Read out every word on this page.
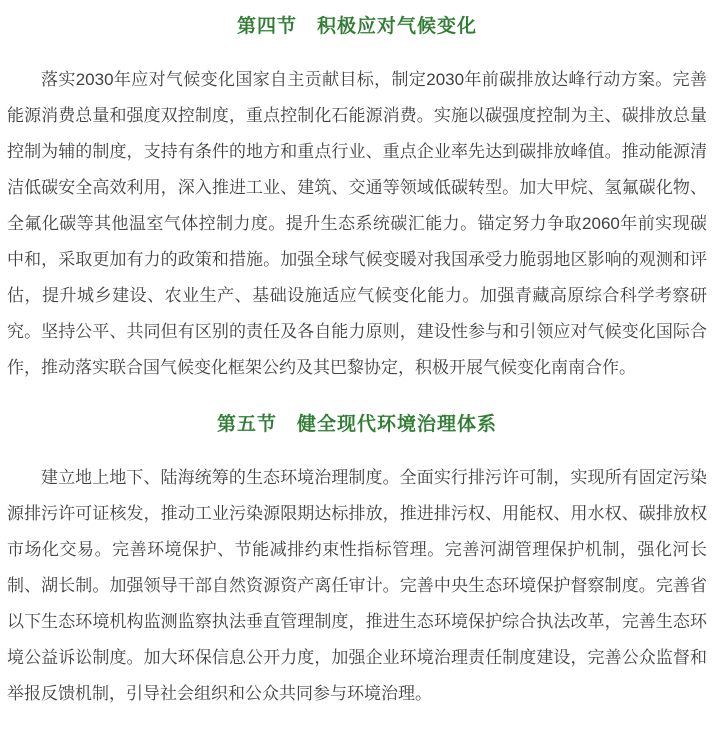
第四节　积极应对气候变化

落实2030年应对气候变化国家自主贡献目标，制定2030年前碳排放达峰行动方案。完善能源消费总量和强度双控制度，重点控制化石能源消费。实施以碳强度控制为主、碳排放总量控制为辅的制度，支持有条件的地方和重点行业、重点企业率先达到碳排放峰值。推动能源清洁低碳安全高效利用，深入推进工业、建筑、交通等领域低碳转型。加大甲烷、氢氟碳化物、全氟化碳等其他温室气体控制力度。提升生态系统碳汇能力。锚定努力争取2060年前实现碳中和，采取更加有力的政策和措施。加强全球气候变暖对我国承受力脆弱地区影响的观测和评估，提升城乡建设、农业生产、基础设施适应气候变化能力。加强青藏高原综合科学考察研究。坚持公平、共同但有区别的责任及各自能力原则，建设性参与和引领应对气候变化国际合作，推动落实联合国气候变化框架公约及其巴黎协定，积极开展气候变化南南合作。

第五节　健全现代环境治理体系

建立地上地下、陆海统筹的生态环境治理制度。全面实行排污许可制，实现所有固定污染源排污许可证核发，推动工业污染源限期达标排放，推进排污权、用能权、用水权、碳排放权市场化交易。完善环境保护、节能减排约束性指标管理。完善河湖管理保护机制，强化河长制、湖长制。加强领导干部自然资源资产离任审计。完善中央生态环境保护督察制度。完善省以下生态环境机构监测监察执法垂直管理制度，推进生态环境保护综合执法改革，完善生态环境公益诉讼制度。加大环保信息公开力度，加强企业环境治理责任制度建设，完善公众监督和举报反馈机制，引导社会组织和公众共同参与环境治理。
